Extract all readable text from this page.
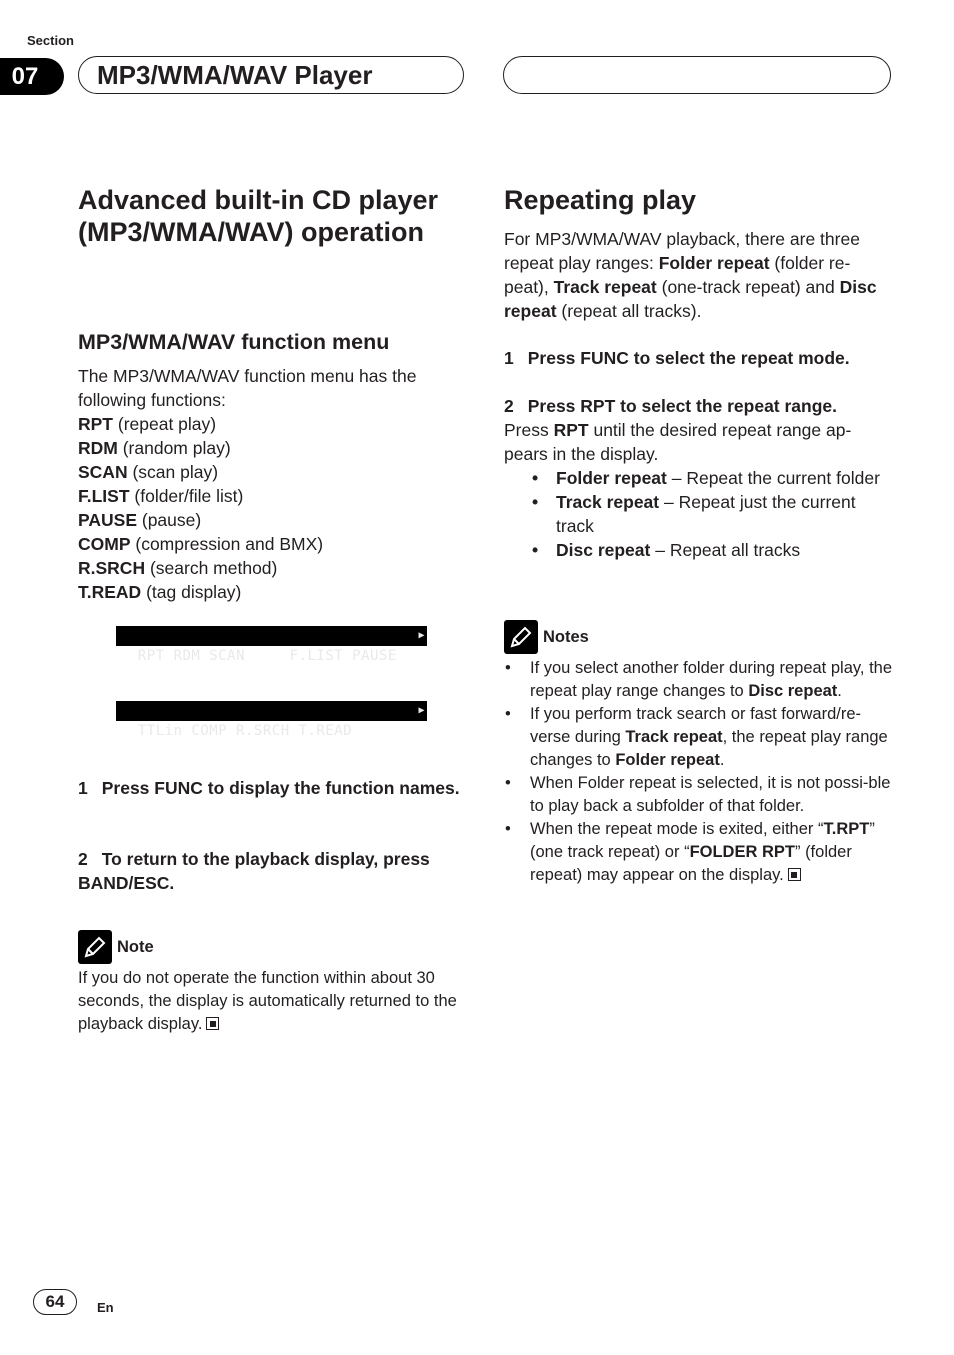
Section
07	MP3/WMA/WAV Player
Advanced built-in CD player (MP3/WMA/WAV) operation
MP3/WMA/WAV function menu
The MP3/WMA/WAV function menu has the following functions:
RPT (repeat play)
RDM (random play)
SCAN (scan play)
F.LIST (folder/file list)
PAUSE (pause)
COMP (compression and BMX)
R.SRCH (search method)
T.READ (tag display)

RPT RDM SCAN     F.LIST PAUSE
▶

TTLin COMP R.SRCH T.READ
▶

1 Press FUNC to display the function names.
2 To return to the playback display, press BAND/ESC.
Note
If you do not operate the function within about 30 seconds, the display is automatically returned to the playback display.
Repeating play
For MP3/WMA/WAV playback, there are three repeat play ranges: Folder repeat (folder re-peat), Track repeat (one-track repeat) and Disc repeat (repeat all tracks).
1 Press FUNC to select the repeat mode.
2 Press RPT to select the repeat range.
Press RPT until the desired repeat range ap-pears in the display.
• Folder repeat – Repeat the current folder
• Track repeat – Repeat just the current track
• Disc repeat – Repeat all tracks
Notes
• If you select another folder during repeat play, the repeat play range changes to Disc repeat.
• If you perform track search or fast forward/re-verse during Track repeat, the repeat play range changes to Folder repeat.
• When Folder repeat is selected, it is not possi-ble to play back a subfolder of that folder.
• When the repeat mode is exited, either “T.RPT” (one track repeat) or “FOLDER RPT” (folder repeat) may appear on the display.
64	En
